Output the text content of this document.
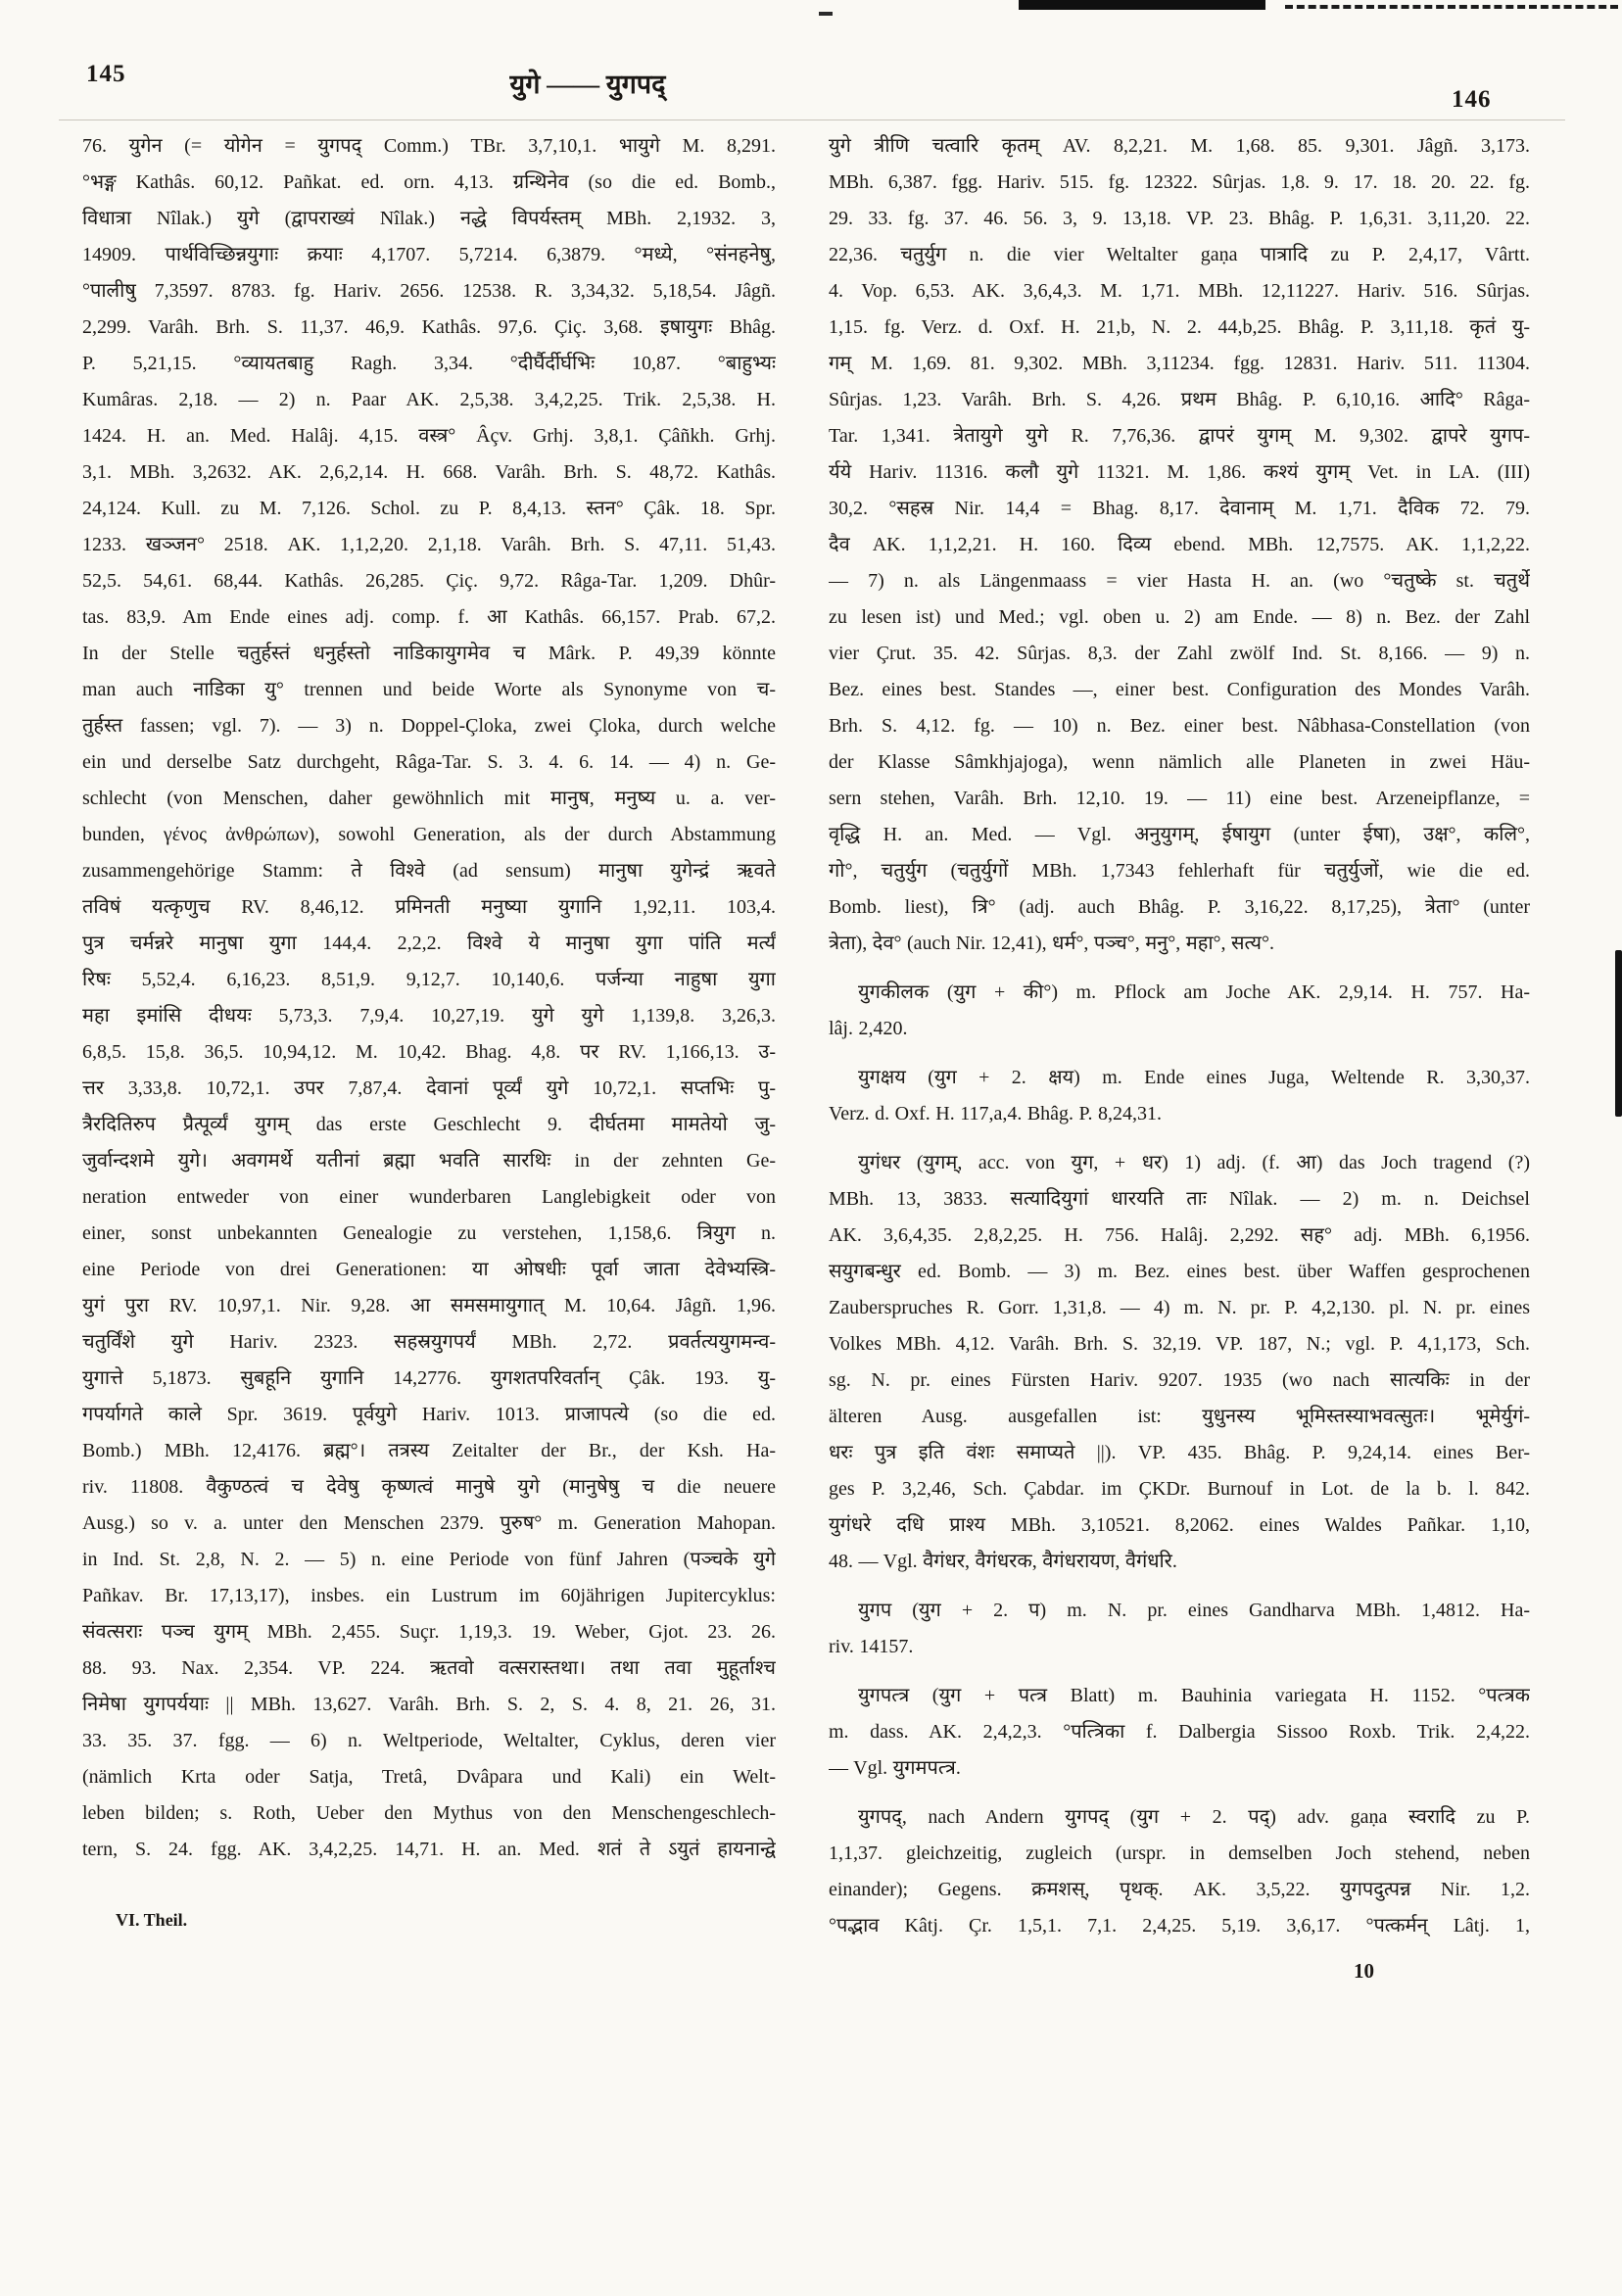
145	युगे —— युगपद्
146

76. युगेन (= योगेन = युगपद् Comm.) TBr. 3,7,10,1. भायुगे M. 8,291.
°भङ्ग Kathâs. 60,12. Pañkat. ed. orn. 4,13. ग्रन्थिनेव (so die ed. Bomb.,
विधात्रा Nîlak.) युगे (द्वापराख्यं Nîlak.) नद्धे विपर्यस्तम् MBh. 2,1932. 3,
14909. पार्थविच्छिन्नयुगाः क्रयाः 4,1707. 5,7214. 6,3879. °मध्ये, °संनहनेषु,
°पालीषु 7,3597. 8783. fg. Hariv. 2656. 12538. R. 3,34,32. 5,18,54. Jâgñ.
2,299. Varâh. Brh. S. 11,37. 46,9. Kathâs. 97,6. Çiç. 3,68. इषायुगः Bhâg.
P. 5,21,15. °व्यायतबाहु Ragh. 3,34. °दीर्घैर्दीर्घभिः 10,87. °बाहुभ्यः
Kumâras. 2,18. — 2) n. Paar AK. 2,5,38. 3,4,2,25. Trik. 2,5,38. H.
1424. H. an. Med. Halâj. 4,15. वस्त्र° Âçv. Grhj. 3,8,1. Çâñkh. Grhj.
3,1. MBh. 3,2632. AK. 2,6,2,14. H. 668. Varâh. Brh. S. 48,72. Kathâs.
24,124. Kull. zu M. 7,126. Schol. zu P. 8,4,13. स्तन° Çâk. 18. Spr.
1233. खञ्जन° 2518. AK. 1,1,2,20. 2,1,18. Varâh. Brh. S. 47,11. 51,43.
52,5. 54,61. 68,44. Kathâs. 26,285. Çiç. 9,72. Râga-Tar. 1,209. Dhûr-
tas. 83,9. Am Ende eines adj. comp. f. आ Kathâs. 66,157. Prab. 67,2.
In der Stelle चतुर्हस्तं धनुर्हस्तो नाडिकायुगमेव च Mârk. P. 49,39 könnte
man auch नाडिका यु° trennen und beide Worte als Synonyme von च-
तुर्हस्त fassen; vgl. 7). — 3) n. Doppel-Çloka, zwei Çloka, durch welche
ein und derselbe Satz durchgeht, Râga-Tar. S. 3. 4. 6. 14. — 4) n. Ge-
schlecht (von Menschen, daher gewöhnlich mit मानुष, मनुष्य u. a. ver-
bunden, γένος ἀνθρώπων), sowohl Generation, als der durch Abstammung
zusammengehörige Stamm: ते विश्वे (ad sensum) मानुषा युगेन्द्रं ऋवते
तविषं यत्कृणुच RV. 8,46,12. प्रमिनती मनुष्या युगानि 1,92,11. 103,4.
पुत्र चर्मन्नरे मानुषा युगा 144,4. 2,2,2. विश्वे ये मानुषा युगा पांति मर्त्यं
रिषः 5,52,4. 6,16,23. 8,51,9. 9,12,7. 10,140,6. पर्जन्या नाहुषा युगा
महा इमांसि दीधयः 5,73,3. 7,9,4. 10,27,19. युगे युगे 1,139,8. 3,26,3.
6,8,5. 15,8. 36,5. 10,94,12. M. 10,42. Bhag. 4,8. पर RV. 1,166,13. उ-
त्तर 3,33,8. 10,72,1. उपर 7,87,4. देवानां पूर्व्यं युगे 10,72,1. सप्तभिः पु-
त्रैरदितिरुप प्रैत्पूर्व्यं युगम् das erste Geschlecht 9. दीर्घतमा मामतेयो जु-
जुर्वान्दशमे युगे। अवगमर्थे यतीनां ब्रह्मा भवति सारथिः in der zehnten Ge-
neration entweder von einer wunderbaren Langlebigkeit oder von
einer, sonst unbekannten Genealogie zu verstehen, 1,158,6. त्रियुग n.
eine Periode von drei Generationen: या ओषधीः पूर्वा जाता देवेभ्यस्त्रि-
युगं पुरा RV. 10,97,1. Nir. 9,28. आ समसमायुगात् M. 10,64. Jâgñ. 1,96.
चतुर्विंशे युगे Hariv. 2323. सहस्रयुगपर्यं MBh. 2,72. प्रवर्तत्ययुगमन्व-
युगात्ते 5,1873. सुबहूनि युगानि 14,2776. युगशतपरिवर्तान् Çâk. 193. यु-
गपर्यागते काले Spr. 3619. पूर्वयुगे Hariv. 1013. प्राजापत्ये (so die ed.
Bomb.) MBh. 12,4176. ब्रह्म°। तत्रस्य Zeitalter der Br., der Ksh. Ha-
riv. 11808. वैकुण्ठत्वं च देवेषु कृष्णत्वं मानुषे युगे (मानुषेषु च die neuere
Ausg.) so v. a. unter den Menschen 2379. पुरुष° m. Generation Mahopan.
in Ind. St. 2,8, N. 2. — 5) n. eine Periode von fünf Jahren (पञ्चके युगे
Pañkav. Br. 17,13,17), insbes. ein Lustrum im 60jährigen Jupitercyklus:
संवत्सराः पञ्च युगम् MBh. 2,455. Suçr. 1,19,3. 19. Weber, Gjot. 23. 26.
88. 93. Nax. 2,354. VP. 224. ऋतवो वत्सरास्तथा। तथा तवा मुहूर्ताश्च
निमेषा युगपर्ययाः || MBh. 13,627. Varâh. Brh. S. 2, S. 4. 8, 21. 26, 31.
33. 35. 37. fgg. — 6) n. Weltperiode, Weltalter, Cyklus, deren vier
(nämlich Krta oder Satja, Tretâ, Dvâpara und Kali) ein Welt-
leben bilden; s. Roth, Ueber den Mythus von den Menschengeschlech-
tern, S. 24. fgg. AK. 3,4,2,25. 14,71. H. an. Med. शतं ते ऽयुतं हायनान्द्वे

युगे त्रीणि चत्वारि कृतम् AV. 8,2,21. M. 1,68. 85. 9,301. Jâgñ. 3,173.
MBh. 6,387. fgg. Hariv. 515. fg. 12322. Sûrjas. 1,8. 9. 17. 18. 20. 22. fg.
29. 33. fg. 37. 46. 56. 3, 9. 13,18. VP. 23. Bhâg. P. 1,6,31. 3,11,20. 22.
22,36. चतुर्युग n. die vier Weltalter gaṇa पात्रादि zu P. 2,4,17, Vârtt.
4. Vop. 6,53. AK. 3,6,4,3. M. 1,71. MBh. 12,11227. Hariv. 516. Sûrjas.
1,15. fg. Verz. d. Oxf. H. 21,b, N. 2. 44,b,25. Bhâg. P. 3,11,18. कृतं यु-
गम् M. 1,69. 81. 9,302. MBh. 3,11234. fgg. 12831. Hariv. 511. 11304.
Sûrjas. 1,23. Varâh. Brh. S. 4,26. प्रथम Bhâg. P. 6,10,16. आदि° Râga-
Tar. 1,341. त्रेतायुगे युगे R. 7,76,36. द्वापरं युगम् M. 9,302. द्वापरे युगप-
र्यये Hariv. 11316. कलौ युगे 11321. M. 1,86. कश्यं युगम् Vet. in LA. (III)
30,2. °सहस्र Nir. 14,4 = Bhag. 8,17. देवानाम् M. 1,71. दैविक 72. 79.
दैव AK. 1,1,2,21. H. 160. दिव्य ebend. MBh. 12,7575. AK. 1,1,2,22.
— 7) n. als Längenmaass = vier Hasta H. an. (wo °चतुष्के st. चतुर्थे
zu lesen ist) und Med.; vgl. oben u. 2) am Ende. — 8) n. Bez. der Zahl
vier Çrut. 35. 42. Sûrjas. 8,3. der Zahl zwölf Ind. St. 8,166. — 9) n.
Bez. eines best. Standes —, einer best. Configuration des Mondes Varâh.
Brh. S. 4,12. fg. — 10) n. Bez. einer best. Nâbhasa-Constellation (von
der Klasse Sâmkhjajoga), wenn nämlich alle Planeten in zwei Häu-
sern stehen, Varâh. Brh. 12,10. 19. — 11) eine best. Arzeneipflanze, =
वृद्धि H. an. Med. — Vgl. अनुयुगम्, ईषायुग (unter ईषा), उक्ष°, कलि°,
गो°, चतुर्युग (चतुर्युगों MBh. 1,7343 fehlerhaft für चतुर्युजों, wie die ed.
Bomb. liest), त्रि° (adj. auch Bhâg. P. 3,16,22. 8,17,25), त्रेता° (unter
त्रेता), देव° (auch Nir. 12,41), धर्म°, पञ्च°, मनु°, महा°, सत्य°.

युगकीलक (युग + की°) m. Pflock am Joche AK. 2,9,14. H. 757. Ha-
lâj. 2,420.

युगक्षय (युग + 2. क्षय) m. Ende eines Juga, Weltende R. 3,30,37.
Verz. d. Oxf. H. 117,a,4. Bhâg. P. 8,24,31.

युगंधर (युगम्, acc. von युग, + धर) 1) adj. (f. आ) das Joch tragend (?)
MBh. 13, 3833. सत्यादियुगां धारयति ताः Nîlak. — 2) m. n. Deichsel
AK. 3,6,4,35. 2,8,2,25. H. 756. Halâj. 2,292. सह° adj. MBh. 6,1956.
सयुगबन्धुर ed. Bomb. — 3) m. Bez. eines best. über Waffen gesprochenen
Zauberspruches R. Gorr. 1,31,8. — 4) m. N. pr. P. 4,2,130. pl. N. pr. eines
Volkes MBh. 4,12. Varâh. Brh. S. 32,19. VP. 187, N.; vgl. P. 4,1,173, Sch.
sg. N. pr. eines Fürsten Hariv. 9207. 1935 (wo nach सात्यकिः in der
älteren Ausg. ausgefallen ist: युधुनस्य भूमिस्तस्याभवत्सुतः। भूमेर्युगं-
धरः पुत्र इति वंशः समाप्यते ||). VP. 435. Bhâg. P. 9,24,14. eines Ber-
ges P. 3,2,46, Sch. Çabdar. im ÇKDr. Burnouf in Lot. de la b. l. 842.
युगंधरे दधि प्राश्य MBh. 3,10521. 8,2062. eines Waldes Pañkar. 1,10,
48. — Vgl. वैगंधर, वैगंधरक, वैगंधरायण, वैगंधरि.

युगप (युग + 2. प) m. N. pr. eines Gandharva MBh. 1,4812. Ha-
riv. 14157.

युगपत्त्र (युग + पत्त्र Blatt) m. Bauhinia variegata H. 1152. °पत्त्रक
m. dass. AK. 2,4,2,3. °पत्त्रिका f. Dalbergia Sissoo Roxb. Trik. 2,4,22.
— Vgl. युगमपत्त्र.

युगपद्, nach Andern युगपद् (युग + 2. पद्) adv. gaṇa स्वरादि zu P.
1,1,37. gleichzeitig, zugleich (urspr. in demselben Joch stehend, neben
einander); Gegens. क्रमशस्, पृथक्. AK. 3,5,22. युगपदुत्पन्न Nir. 1,2.
°पद्भाव Kâtj. Çr. 1,5,1. 7,1. 2,4,25. 5,19. 3,6,17. °पत्कर्मन् Lâtj. 1,

VI. Theil.
10
